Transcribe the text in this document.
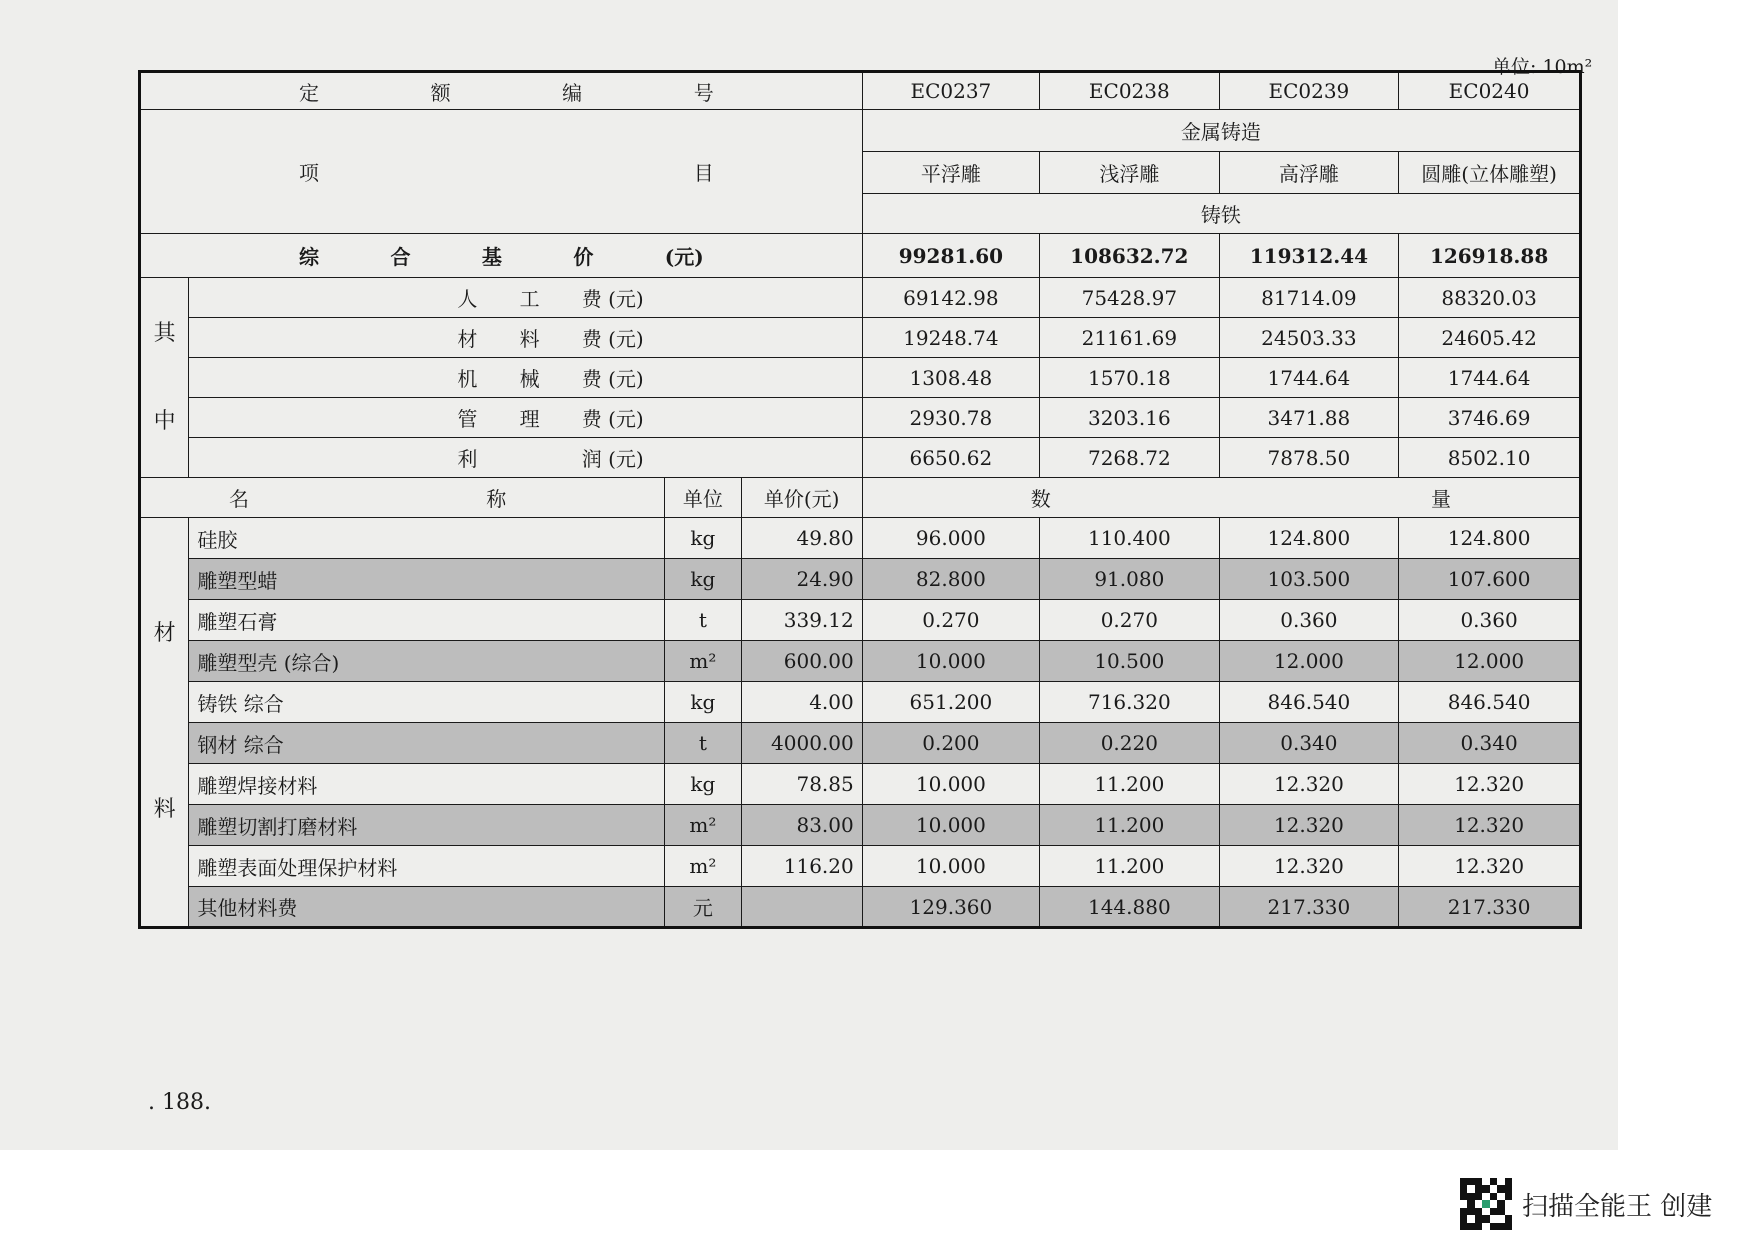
单位: 10m²
定 额 编 号				EC0237	EC0238	EC0239	EC0240

项 目				金属铸造			
				平浮雕	浅浮雕	高浮雕	圆雕(立体雕塑)
				铸铁			

综 合 基 价 (元)				99281.60	108632.72	119312.44	126918.88
其

中	人 工 费 (元)			69142.98	75428.97	81714.09	88320.03

	材 料 费 (元)			19248.74	21161.69	24503.33	24605.42

	机 械 费 (元)			1308.48	1570.18	1744.64	1744.64

	管 理 费 (元)			2930.78	3203.16	3471.88	3746.69

	利 润 (元)			6650.62	7268.72	7878.50	8502.10

名 称		单位	单价(元)	数 量			

材

料	硅胶	kg	49.80	96.000	110.400	124.800	124.800
	雕塑型蜡	kg	24.90	82.800	91.080	103.500	107.600
	雕塑石膏	t	339.12	0.270	0.270	0.360	0.360
	雕塑型壳 (综合)	m²	600.00	10.000	10.500	12.000	12.000
	铸铁 综合	kg	4.00	651.200	716.320	846.540	846.540
	钢材 综合	t	4000.00	0.200	0.220	0.340	0.340
	雕塑焊接材料	kg	78.85	10.000	11.200	12.320	12.320
	雕塑切割打磨材料	m²	83.00	10.000	11.200	12.320	12.320
	雕塑表面处理保护材料	m²	116.20	10.000	11.200	12.320	12.320
	其他材料费	元		129.360	144.880	217.330	217.330
. 188.
扫描全能王 创建
